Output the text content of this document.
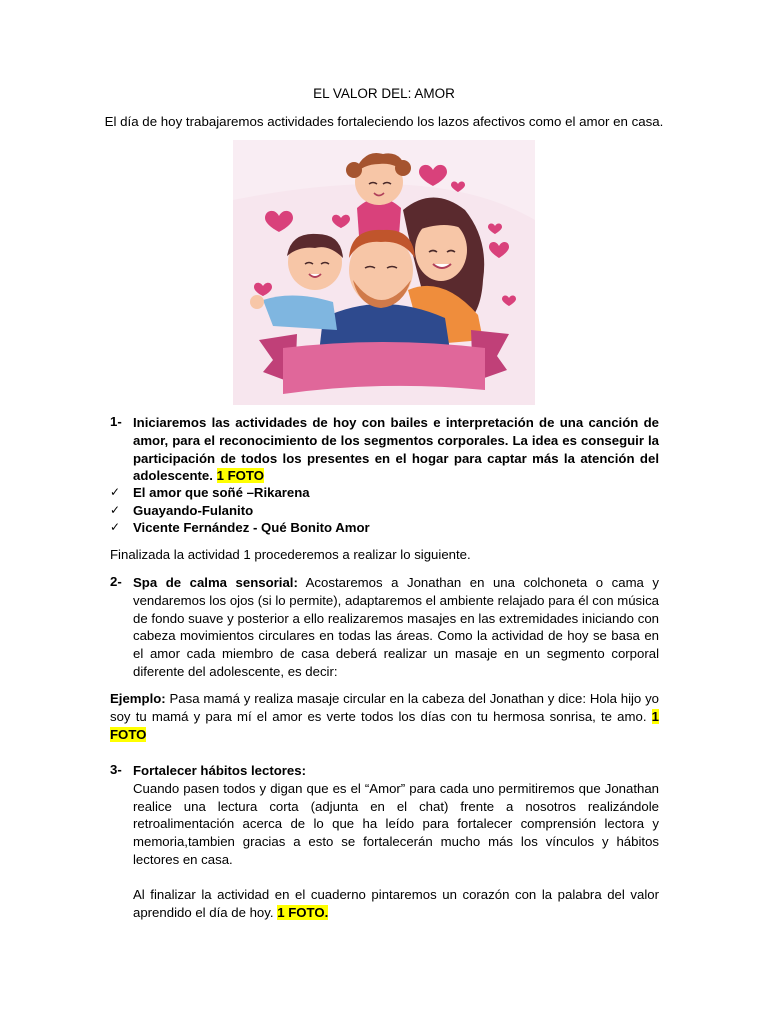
EL VALOR DEL: AMOR
El día de hoy trabajaremos actividades fortaleciendo los lazos afectivos como el amor en casa.
1- Iniciaremos las actividades de hoy con bailes e interpretación de una canción de amor, para el reconocimiento de los segmentos corporales. La idea es conseguir la participación de todos los presentes en el hogar para captar más la atención del adolescente. 1 FOTO

✓ El amor que soñé –Rikarena
✓ Guayando-Fulanito
✓ Vicente Fernández - Qué Bonito Amor
Finalizada la actividad 1 procederemos a realizar lo siguiente.
2- Spa de calma sensorial: Acostaremos a Jonathan en una colchoneta o cama y vendaremos los ojos (si lo permite), adaptaremos el ambiente relajado para él con música de fondo suave y posterior a ello realizaremos masajes en las extremidades iniciando con cabeza movimientos circulares en todas las áreas. Como la actividad de hoy se basa en el amor cada miembro de casa deberá realizar un masaje en un segmento corporal diferente del adolescente, es decir:

Ejemplo: Pasa mamá y realiza masaje circular en la cabeza del Jonathan y dice: Hola hijo yo soy tu mamá y para mí el amor es verte todos los días con tu hermosa sonrisa, te amo. 1 FOTO
3- Fortalecer hábitos lectores:

Cuando pasen todos y digan que es el “Amor” para cada uno permitiremos que Jonathan realice una lectura corta (adjunta en el chat) frente a nosotros realizándole retroalimentación acerca de lo que ha leído para fortalecer comprensión lectora y memoria,tambien gracias a esto se fortalecerán mucho más los vínculos y hábitos lectores en casa.

Al finalizar la actividad en el cuaderno pintaremos un corazón con la palabra del valor aprendido el día de hoy. 1 FOTO.
